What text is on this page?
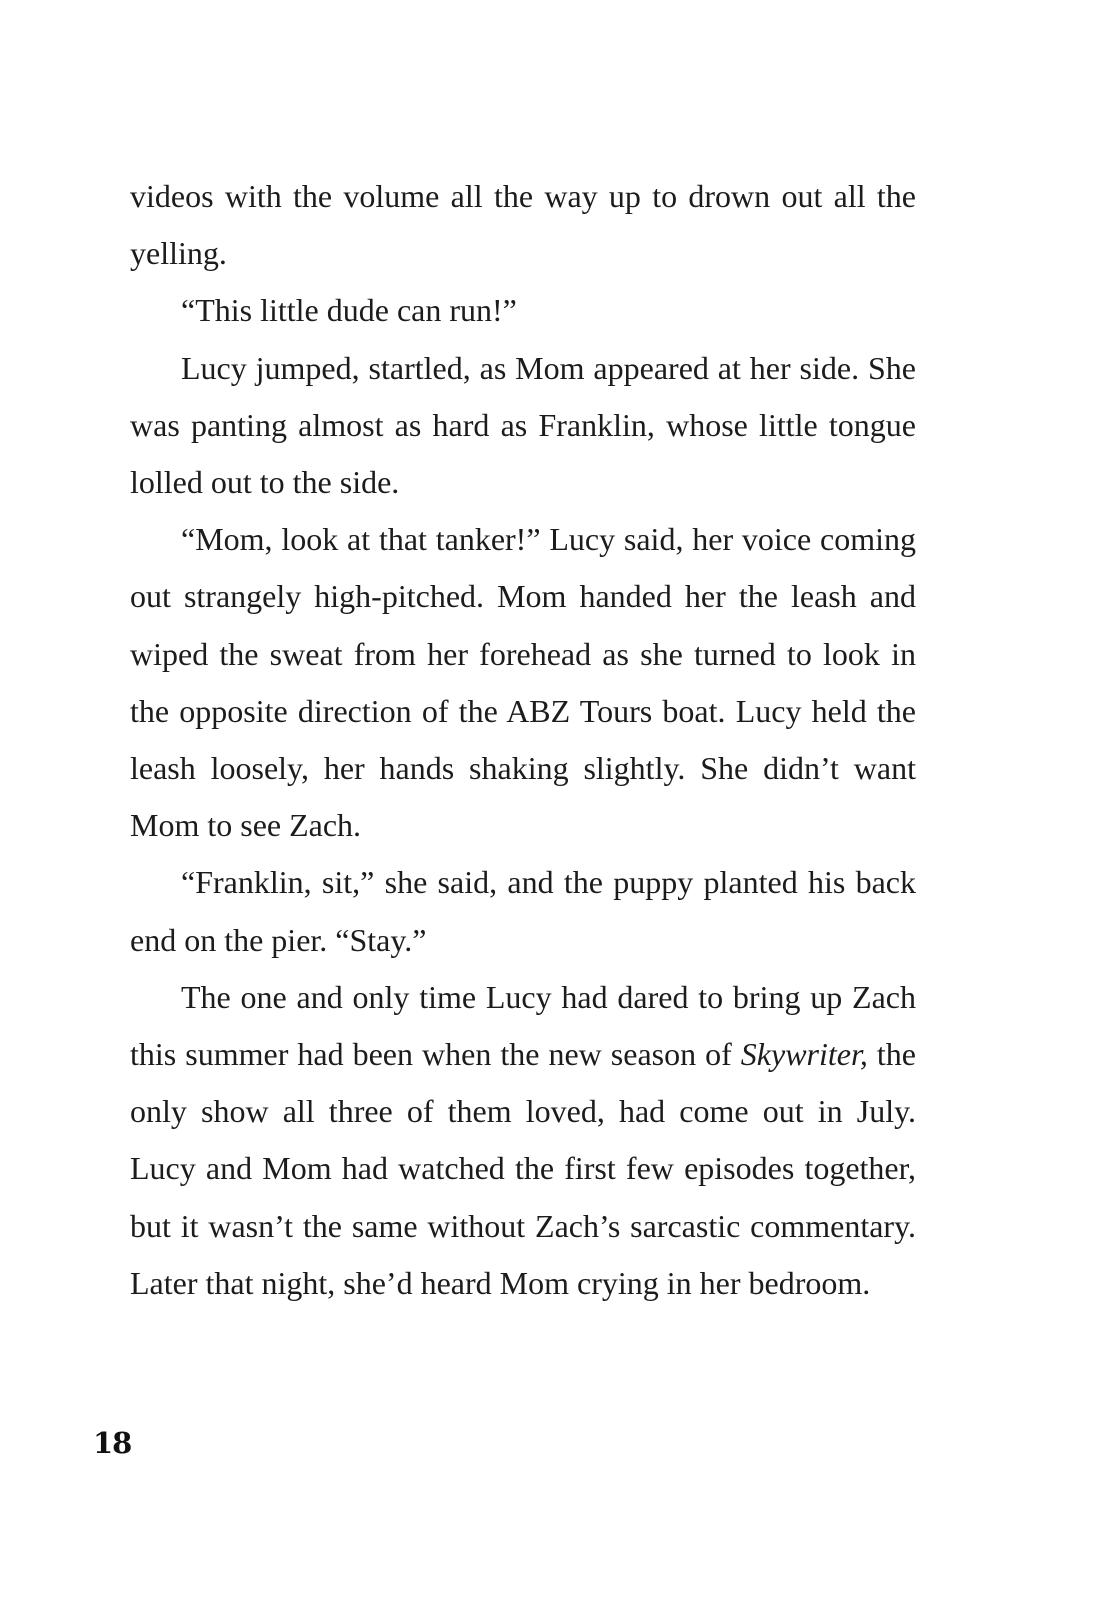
videos with the volume all the way up to drown out all the yelling.

“This little dude can run!”

Lucy jumped, startled, as Mom appeared at her side. She was panting almost as hard as Franklin, whose little tongue lolled out to the side.

“Mom, look at that tanker!” Lucy said, her voice coming out strangely high-pitched. Mom handed her the leash and wiped the sweat from her forehead as she turned to look in the opposite direction of the ABZ Tours boat. Lucy held the leash loosely, her hands shaking slightly. She didn’t want Mom to see Zach.

“Franklin, sit,” she said, and the puppy planted his back end on the pier. “Stay.”

The one and only time Lucy had dared to bring up Zach this summer had been when the new season of Skywriter, the only show all three of them loved, had come out in July. Lucy and Mom had watched the first few episodes together, but it wasn’t the same without Zach’s sarcastic commentary. Later that night, she’d heard Mom crying in her bedroom.

18
